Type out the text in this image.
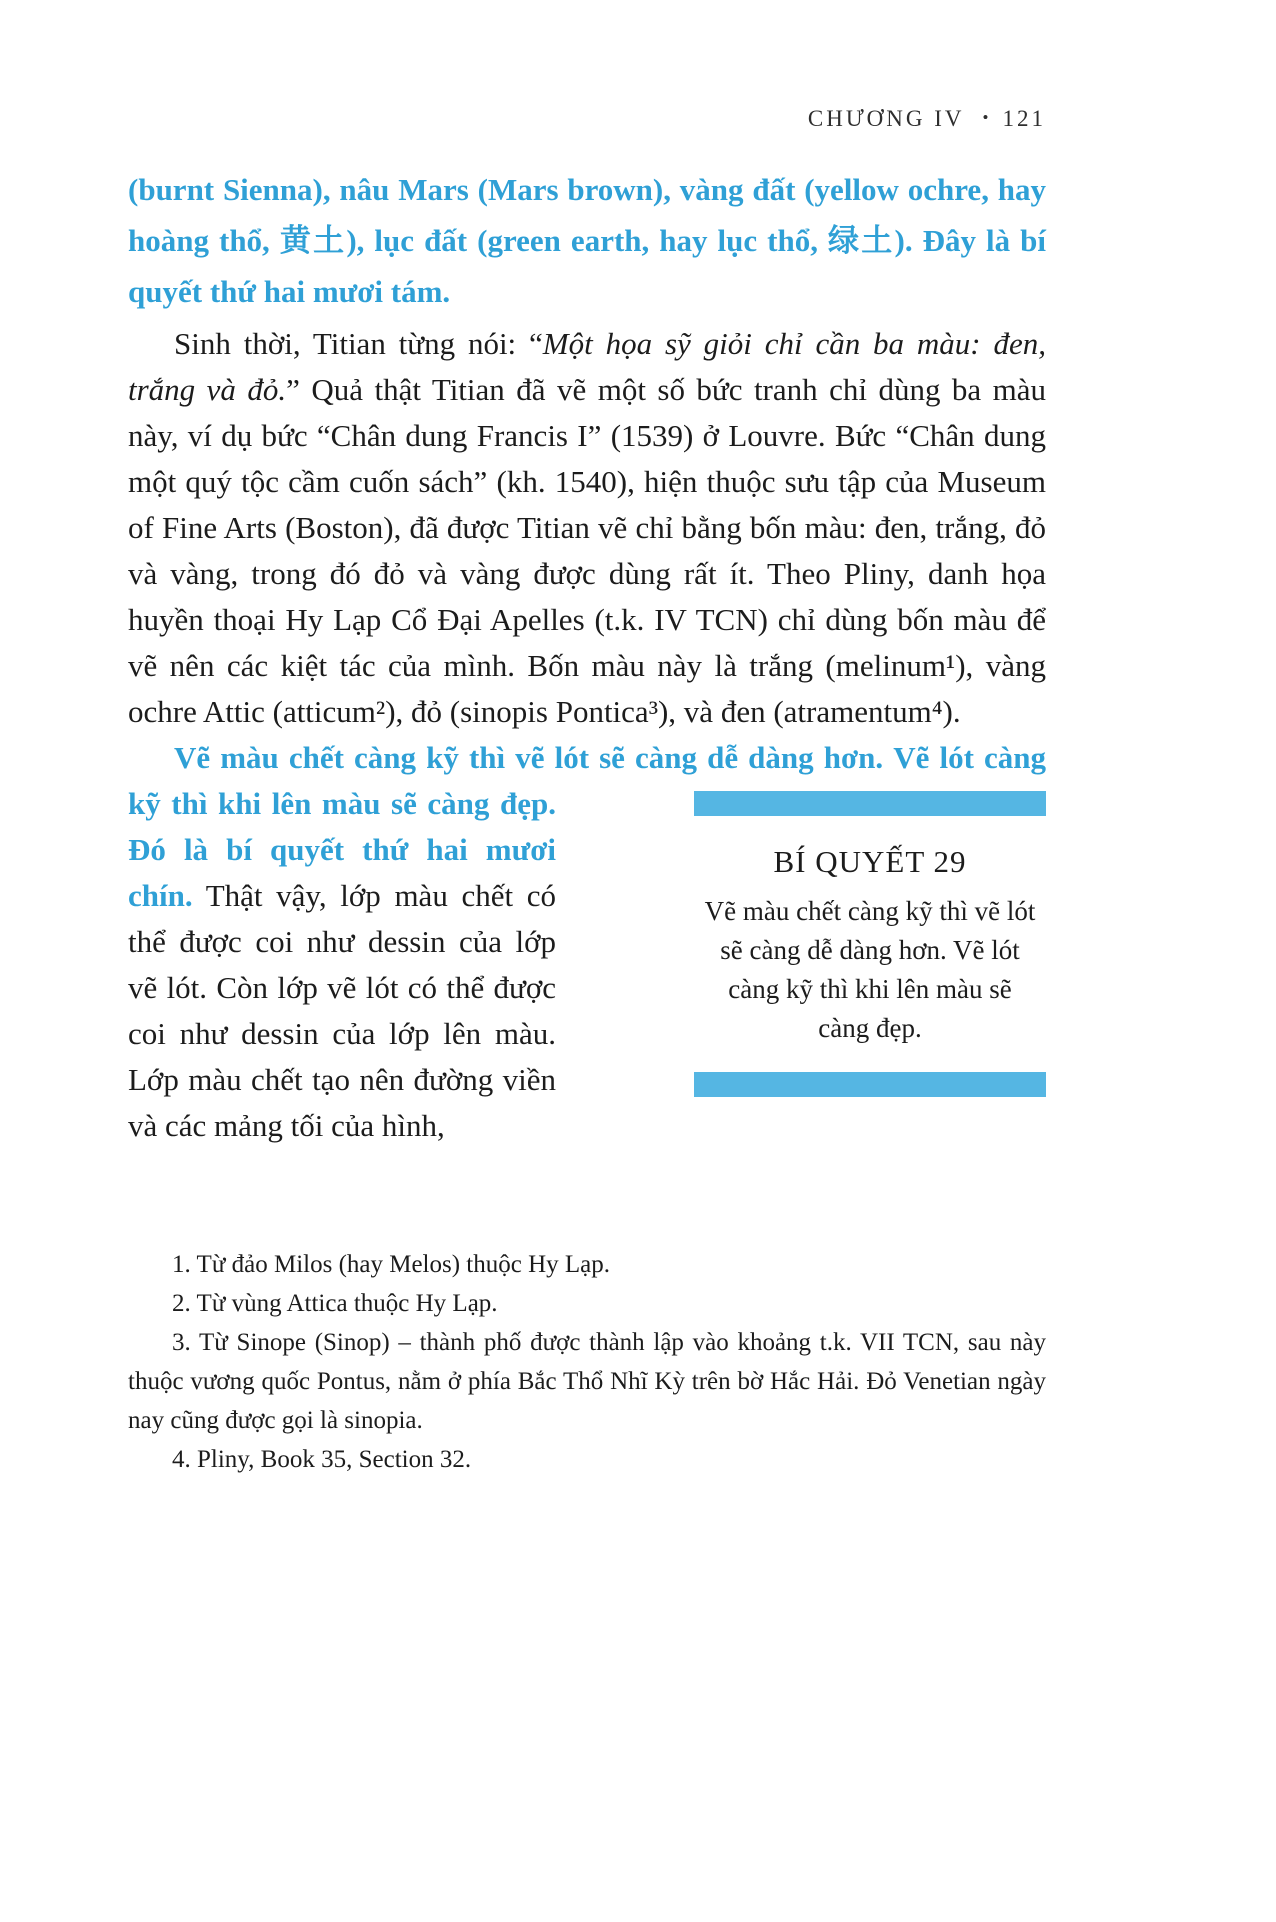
CHƯƠNG IV • 121
(burnt Sienna), nâu Mars (Mars brown), vàng đất (yellow ochre, hay hoàng thổ, 黄土), lục đất (green earth, hay lục thổ, 绿土). Đây là bí quyết thứ hai mươi tám.
Sinh thời, Titian từng nói: “Một họa sỹ giỏi chỉ cần ba màu: đen, trắng và đỏ.” Quả thật Titian đã vẽ một số bức tranh chỉ dùng ba màu này, ví dụ bức “Chân dung Francis I” (1539) ở Louvre. Bức “Chân dung một quý tộc cầm cuốn sách” (kh. 1540), hiện thuộc sưu tập của Museum of Fine Arts (Boston), đã được Titian vẽ chỉ bằng bốn màu: đen, trắng, đỏ và vàng, trong đó đỏ và vàng được dùng rất ít. Theo Pliny, danh họa huyền thoại Hy Lạp Cổ Đại Apelles (t.k. IV TCN) chỉ dùng bốn màu để vẽ nên các kiệt tác của mình. Bốn màu này là trắng (melinum¹), vàng ochre Attic (atticum²), đỏ (sinopis Pontica³), và đen (atramentum⁴).
Vẽ màu chết càng kỹ thì vẽ lót sẽ càng dễ dàng hơn.
BÍ QUYẾT 29
Vẽ màu chết càng kỹ thì vẽ lót sẽ càng dễ dàng hơn. Vẽ lót càng kỹ thì khi lên màu sẽ càng đẹp.
Vẽ lót càng kỹ thì khi lên màu sẽ càng đẹp. Đó là bí quyết thứ hai mươi chín. Thật vậy, lớp màu chết có thể được coi như dessin của lớp vẽ lót. Còn lớp vẽ lót có thể được coi như dessin của lớp lên màu. Lớp màu chết tạo nên đường viền và các mảng tối của hình,
1. Từ đảo Milos (hay Melos) thuộc Hy Lạp.
2. Từ vùng Attica thuộc Hy Lạp.
3. Từ Sinope (Sinop) – thành phố được thành lập vào khoảng t.k. VII TCN, sau này thuộc vương quốc Pontus, nằm ở phía Bắc Thổ Nhĩ Kỳ trên bờ Hắc Hải. Đỏ Venetian ngày nay cũng được gọi là sinopia.
4. Pliny, Book 35, Section 32.
